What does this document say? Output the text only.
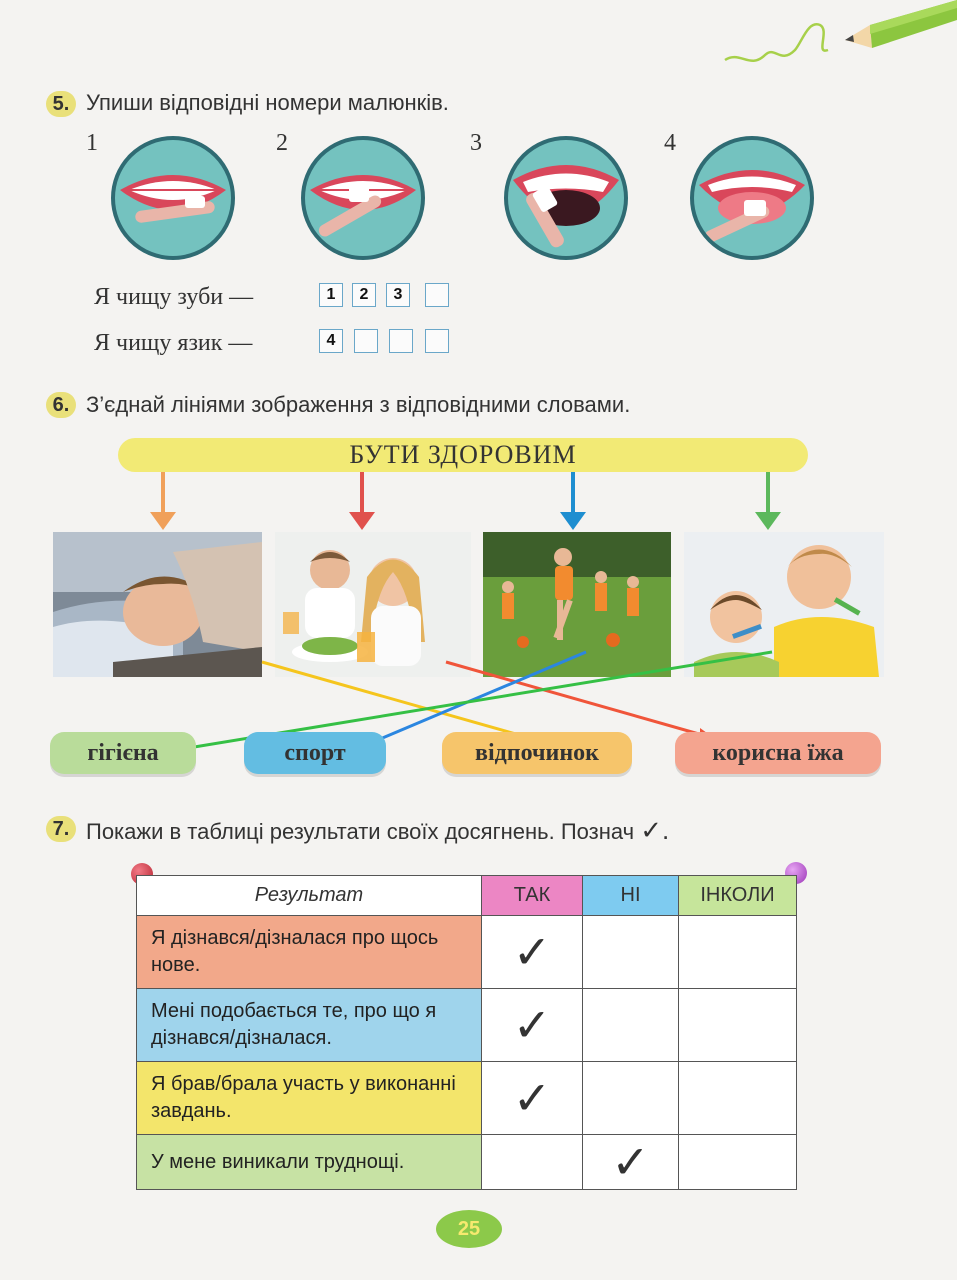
5. Упиши відповідні номери малюнків.
1	2	3	4
Я чищу зуби —	1	2	3
Я чищу язик —	4
6. З’єднай лініями зображення з відповідними словами.
БУТИ ЗДОРОВИМ
гігієна	спорт	відпочинок	корисна їжа
7. Покажи в таблиці результати своїх досягнень. Познач ✓.
Результат	ТАК	НІ	ІНКОЛИ
Я дізнався/дізналася про щось нове.	✓		

Мені подобається те, про що я дізнався/дізналася.	✓		

Я брав/брала участь у виконанні завдань.	✓		

У мене виникали труднощі.		✓	

25
